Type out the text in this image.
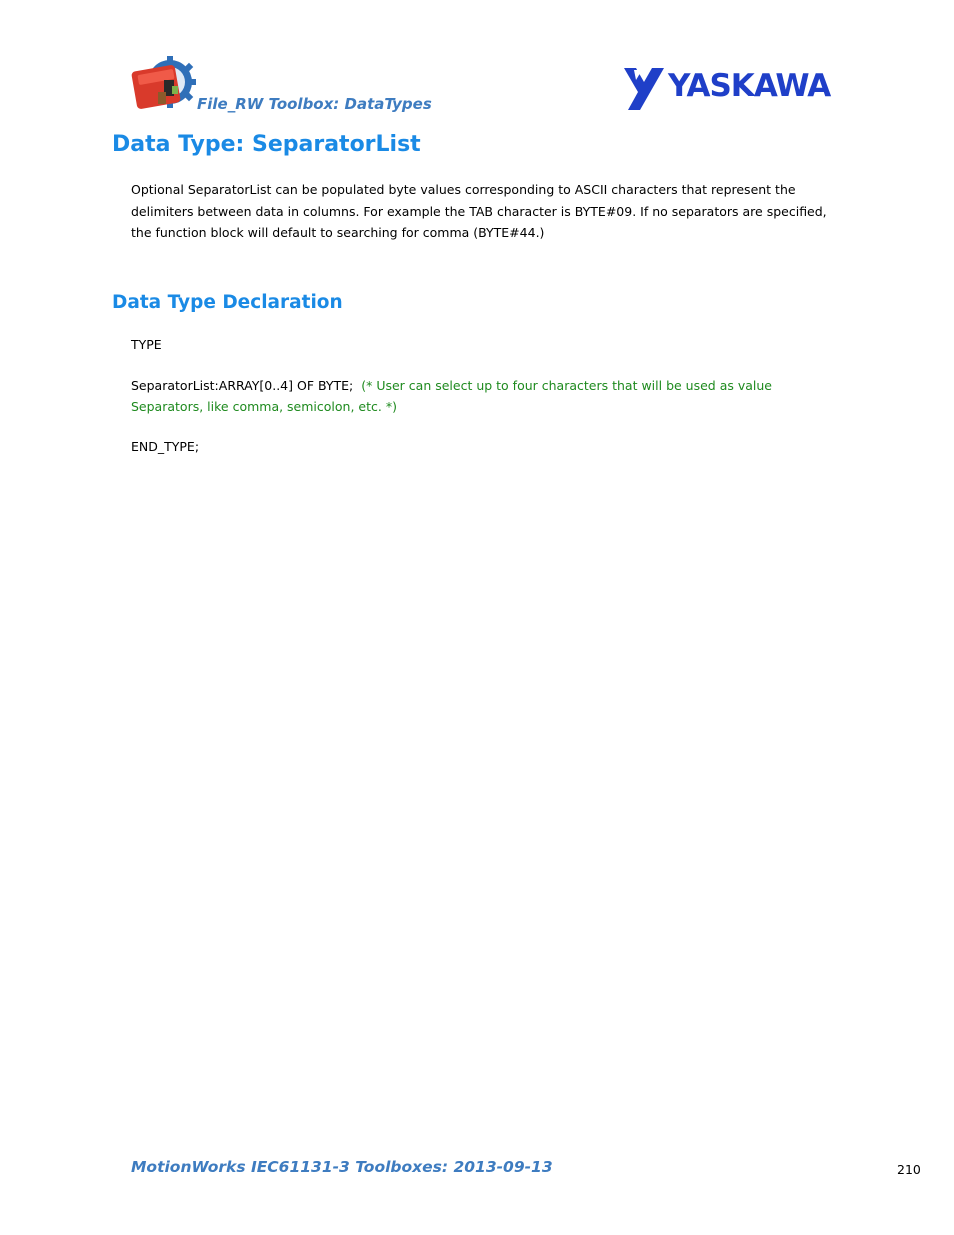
File_RW Toolbox: DataTypes	YASKAWA
Data Type: SeparatorList
Optional SeparatorList can be populated byte values corresponding to ASCII characters that represent the
delimiters between data in columns. For example the TAB character is BYTE#09. If no separators are specified,
the function block will default to searching for comma (BYTE#44.)
Data Type Declaration
TYPE
SeparatorList:ARRAY[0..4] OF BYTE; (* User can select up to four characters that will be used as value
Separators, like comma, semicolon, etc. *)
END_TYPE;
MotionWorks IEC61131-3 Toolboxes: 2013-09-13	210
